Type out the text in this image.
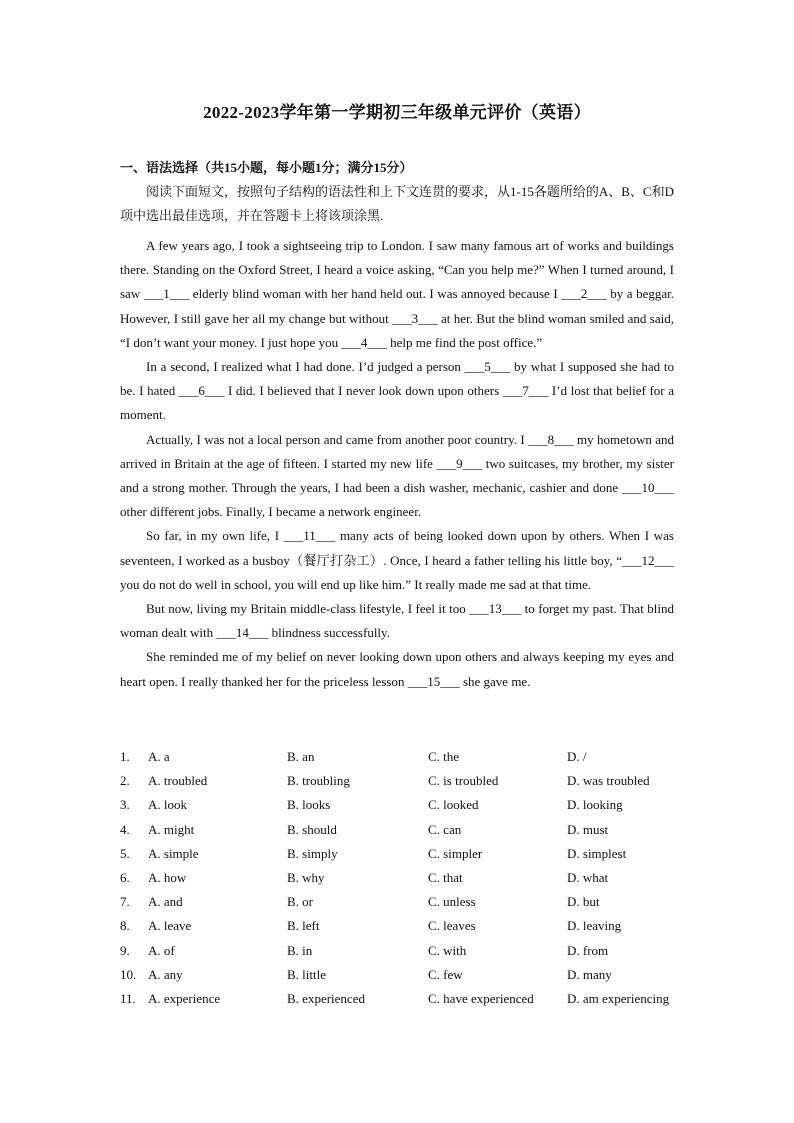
2022-2023学年第一学期初三年级单元评价（英语）
一、语法选择（共15小题，每小题1分；满分15分）

阅读下面短文，按照句子结构的语法性和上下文连贯的要求，从1-15各题所给的A、B、C和D项中选出最佳选项，并在答题卡上将该项涂黑.

A few years ago, I took a sightseeing trip to London. I saw many famous art of works and buildings there. Standing on the Oxford Street, I heard a voice asking, “Can you help me?” When I turned around, I saw ___1___ elderly blind woman with her hand held out. I was annoyed because I ___2___ by a beggar. However, I still gave her all my change but without ___3___ at her. But the blind woman smiled and said, “I don’t want your money. I just hope you ___4___ help me find the post office.”

In a second, I realized what I had done. I’d judged a person ___5___ by what I supposed she had to be. I hated ___6___ I did. I believed that I never look down upon others ___7___ I’d lost that belief for a moment.

Actually, I was not a local person and came from another poor country. I ___8___ my hometown and arrived in Britain at the age of fifteen. I started my new life ___9___ two suitcases, my brother, my sister and a strong mother. Through the years, I had been a dish washer, mechanic, cashier and done ___10___ other different jobs. Finally, I became a network engineer.

So far, in my own life, I ___11___ many acts of being looked down upon by others. When I was seventeen, I worked as a busboy（餐厅打杂工）. Once, I heard a father telling his little boy, “___12___ you do not do well in school, you will end up like him.” It really made me sad at that time.

But now, living my Britain middle-class lifestyle, I feel it too ___13___ to forget my past. That blind woman dealt with ___14___ blindness successfully.

She reminded me of my belief on never looking down upon others and always keeping my eyes and heart open. I really thanked her for the priceless lesson ___15___ she gave me.

1. A. a	B. an	C. the	D. /
2. A. troubled	B. troubling	C. is troubled	D. was troubled
3. A. look	B. looks	C. looked	D. looking
4. A. might	B. should	C. can	D. must
5. A. simple	B. simply	C. simpler	D. simplest
6. A. how	B. why	C. that	D. what
7. A. and	B. or	C. unless	D. but
8. A. leave	B. left	C. leaves	D. leaving
9. A. of	B. in	C. with	D. from
10. A. any	B. little	C. few	D. many
11. A. experience	B. experienced	C. have experienced	D. am experiencing
